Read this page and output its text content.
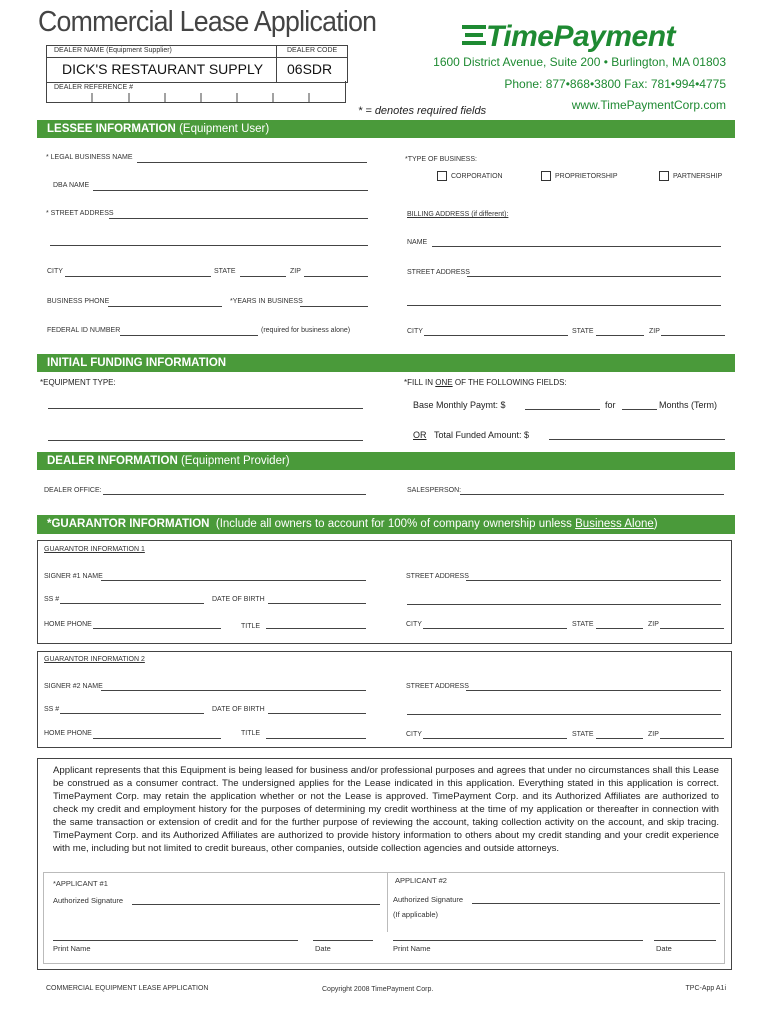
Commercial Lease Application	TimePayment
1600 District Avenue, Suite 200 • Burlington, MA 01803
Phone: 877•868•3800 Fax: 781•994•4775
www.TimePaymentCorp.com
DEALER NAME (Equipment Supplier)	DEALER CODE
DICK'S RESTAURANT SUPPLY 06SDR
DEALER REFERENCE #
* = denotes required fields
LESSEE INFORMATION (Equipment User)
* LEGAL BUSINESS NAME
DBA NAME
* STREET ADDRESS
CITY	STATE	ZIP
BUSINESS PHONE	*YEARS IN BUSINESS
FEDERAL ID NUMBER	(required for business alone)
*TYPE OF BUSINESS:
CORPORATION	PROPRIETORSHIP	PARTNERSHIP
BILLING ADDRESS (if different):
NAME
STREET ADDRESS
CITY	STATE	ZIP
INITIAL FUNDING INFORMATION
*EQUIPMENT TYPE:	*FILL IN ONE OF THE FOLLOWING FIELDS:
Base Monthly Paymt: $	for	Months (Term)
OR Total Funded Amount: $
DEALER INFORMATION (Equipment Provider)
DEALER OFFICE:	SALESPERSON:
*GUARANTOR INFORMATION (Include all owners to account for 100% of company ownership unless Business Alone)
GUARANTOR INFORMATION 1
SIGNER #1 NAME
SS #	DATE OF BIRTH
HOME PHONE	TITLE
STREET ADDRESS
CITY	STATE	ZIP
GUARANTOR INFORMATION 2
SIGNER #2 NAME
SS #	DATE OF BIRTH
HOME PHONE	TITLE
STREET ADDRESS
CITY	STATE	ZIP
Applicant represents that this Equipment is being leased for business and/or professional purposes and agrees that under no circumstances shall this Lease be construed as a consumer contract. The undersigned applies for the Lease indicated in this application. Everything stated in this application is correct. TimePayment Corp. may retain the application whether or not the Lease is approved. TimePayment Corp. and its Authorized Affiliates are authorized to check my credit and employment history for the purposes of determining my credit worthiness at the time of my application or thereafter in connection with the same transaction or extension of credit and for the further purpose of reviewing the account, taking collection activity on the account, and skip tracing. TimePayment Corp. and its Authorized Affiliates are authorized to provide history information to others about my credit standing and your credit experience with me, including but not limited to credit bureaus, other companies, outside collection agencies and outside attorneys.
*APPLICANT #1	APPLICANT #2
Authorized Signature	Authorized Signature
(If applicable)
Print Name	Date	Print Name	Date
COMMERCIAL EQUIPMENT LEASE APPLICATION	Copyright 2008 TimePayment Corp.	TPC-App A1i
